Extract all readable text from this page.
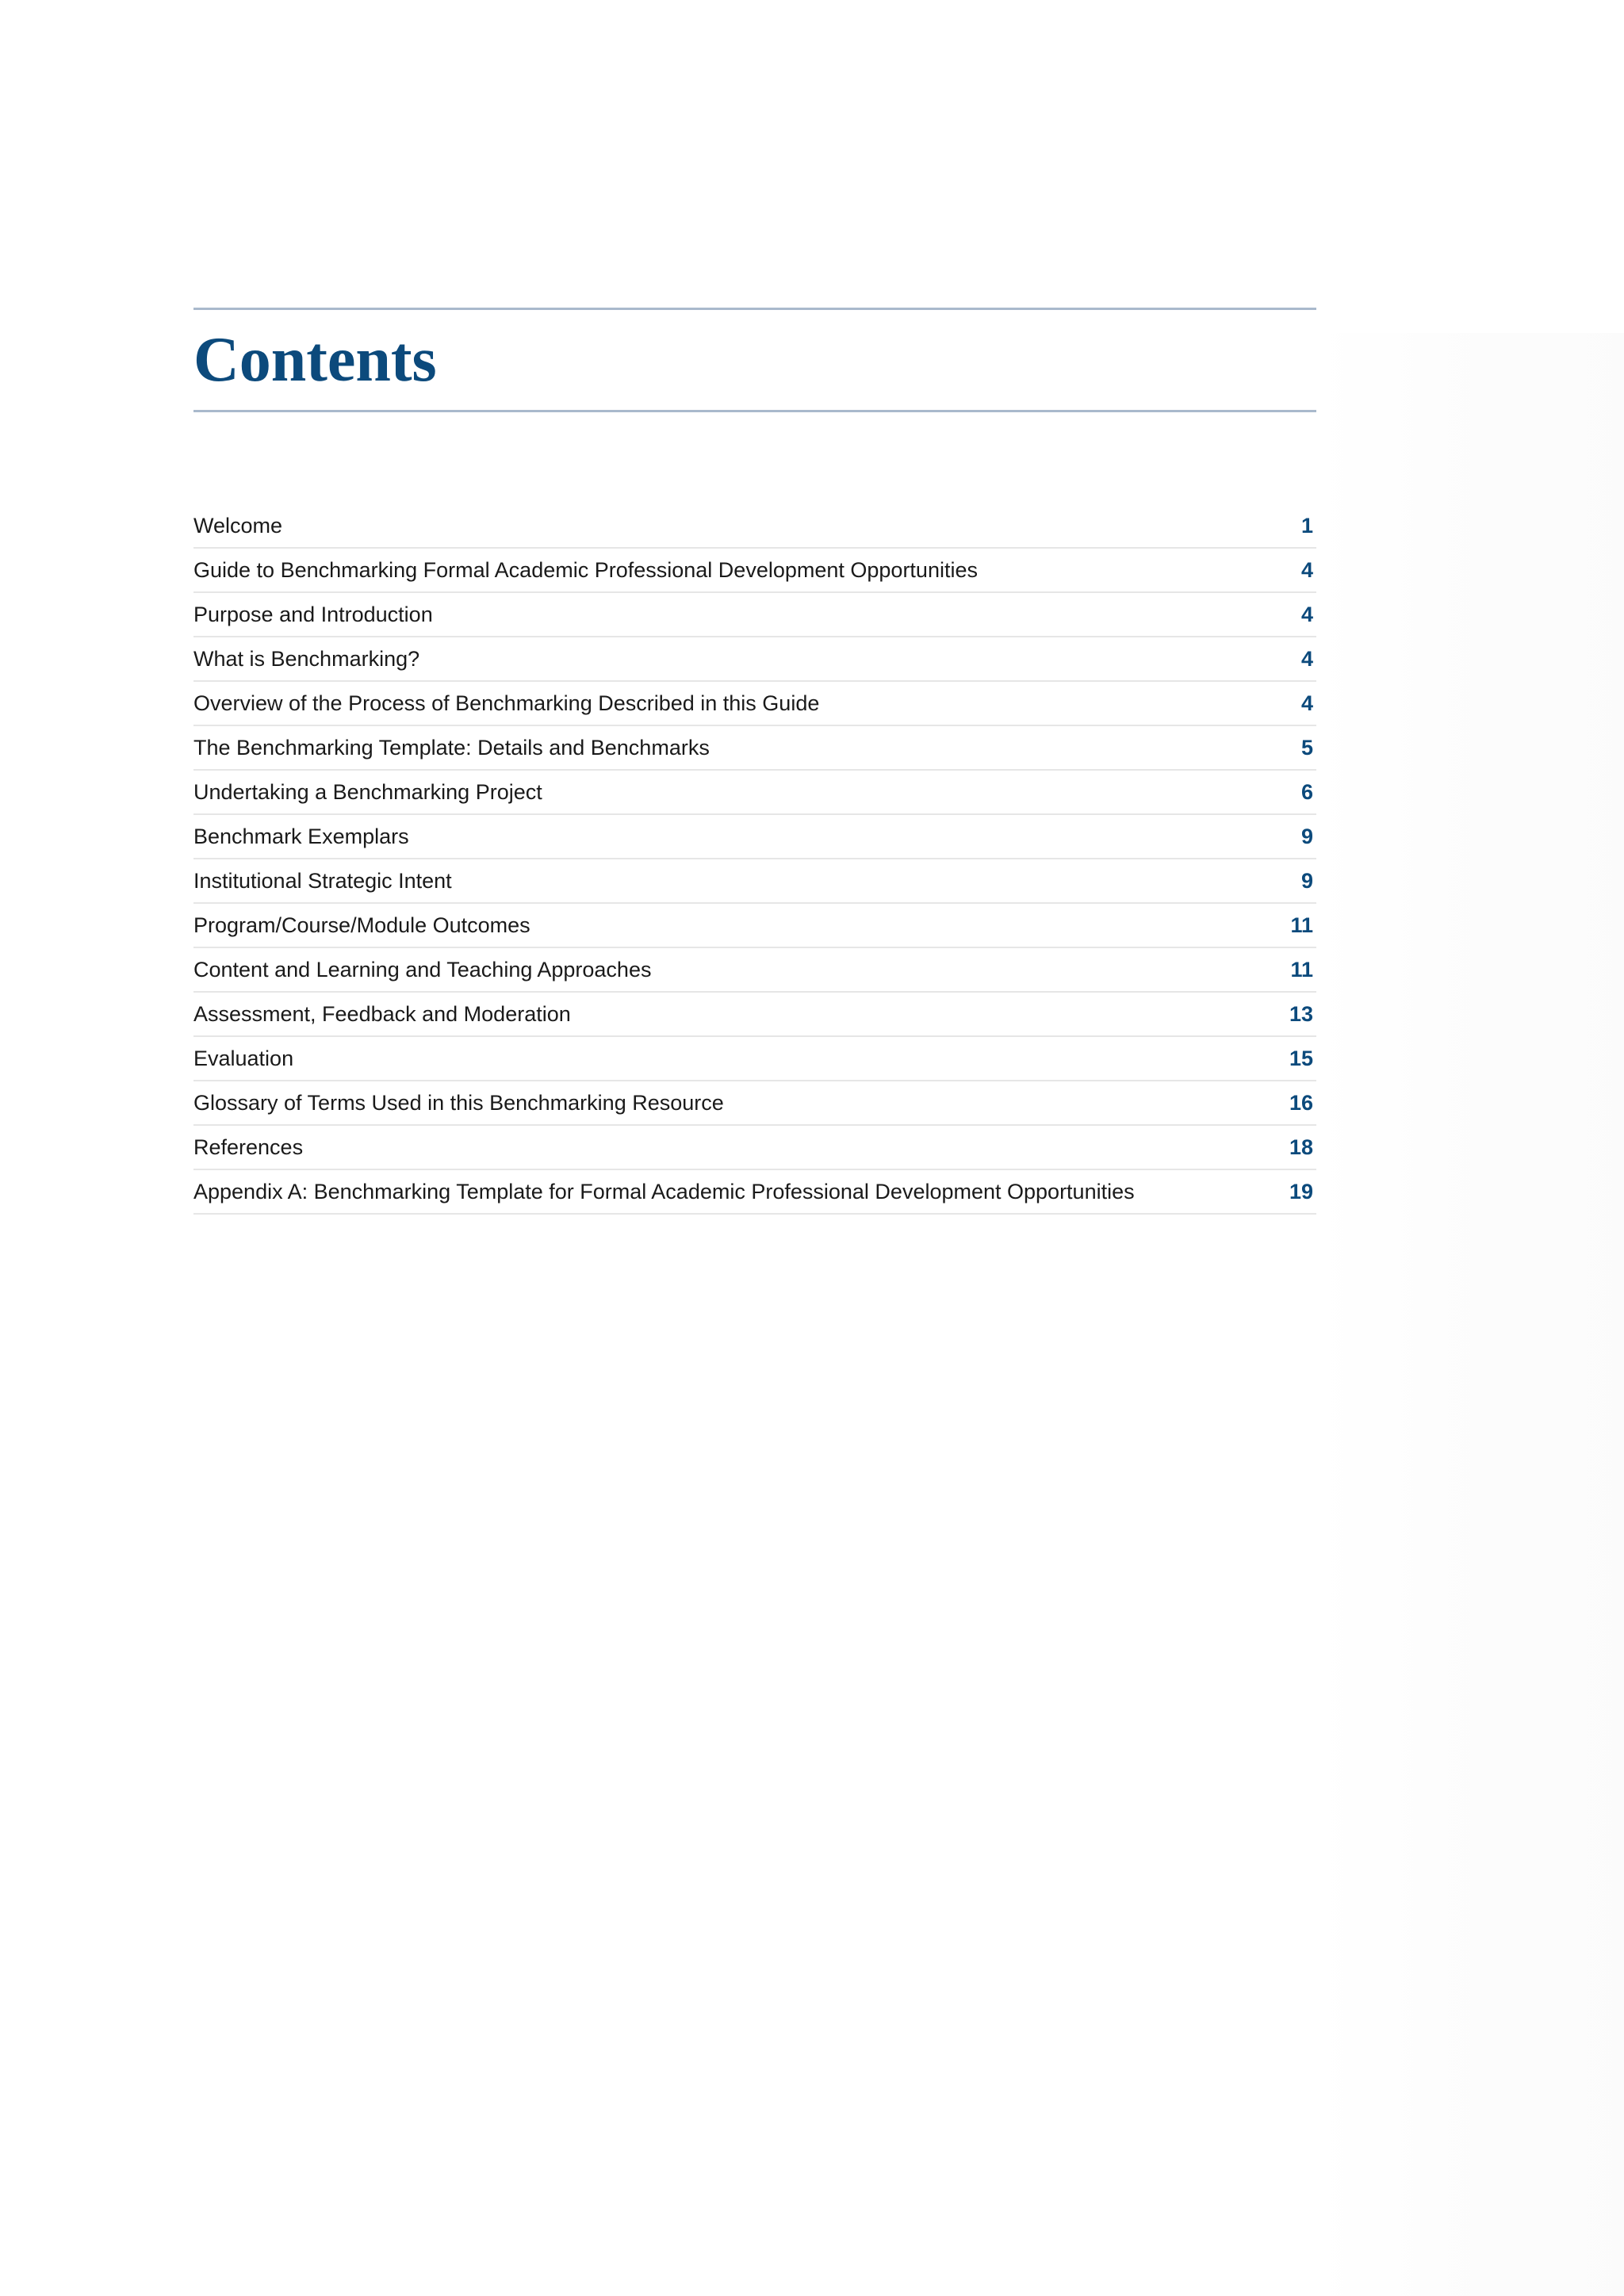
Contents
Welcome	1
Guide to Benchmarking Formal Academic Professional Development Opportunities	4
Purpose and Introduction	4
What is Benchmarking?	4
Overview of the Process of Benchmarking Described in this Guide	4
The Benchmarking Template: Details and Benchmarks	5
Undertaking a Benchmarking Project	6
Benchmark Exemplars	9
Institutional Strategic Intent	9
Program/Course/Module Outcomes	11
Content and Learning and Teaching Approaches	11
Assessment, Feedback and Moderation	13
Evaluation	15
Glossary of Terms Used in this Benchmarking Resource	16
References	18
Appendix A: Benchmarking Template for Formal Academic Professional Development Opportunities	19
